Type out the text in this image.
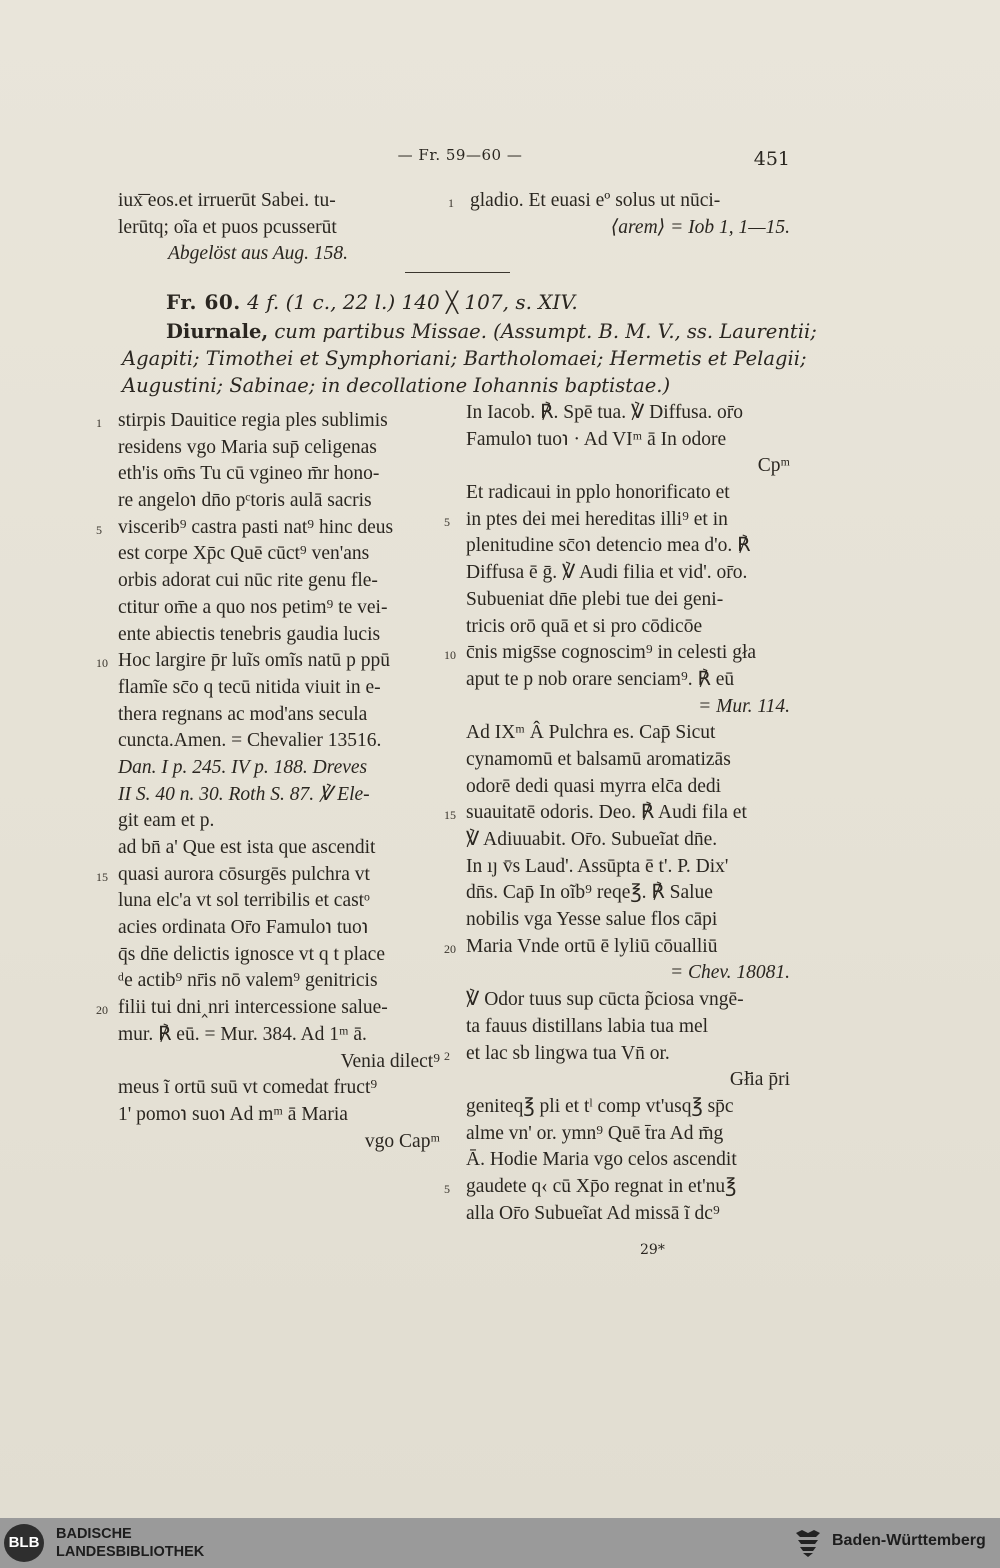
— Fr. 59—60 —	451
iux͞ eos.et irruerūt Sabei. tu-
lerūtq; oĩa et puos pcusserūt
Abgelöst aus Aug. 158.
1 gladio. Et euasi eº solus ut nūci-
⟨arem⟩ = Iob 1, 1—15.
Fr. 60. 4 f. (1 c., 22 l.) 140 ╳ 107, s. XIV.
Diurnale, cum partibus Missae. (Assumpt. B. M. V., ss. Laurentii;
Agapiti; Timothei et Symphoriani; Bartholomaei; Hermetis et Pelagii;
Augustini; Sabinae; in decollatione Iohannis baptistae.)
1 stirpis Dauitice regia ples sublimis
residens vgo Maria sup̄ celigenas
eth'is om̄s Tu cū vgineo m̄r hono-
re angelo℩ dn̄o pᶜtoris aulā sacris
5 viscerib⁹ castra pasti nat⁹ hinc deus
est corpe Xp̄c Quē cūct⁹ ven'ans
orbis adorat cui nūc rite genu fle-
ctitur om̄e a quo nos petim⁹ te vei-
ente abiectis tenebris gaudia lucis
10 Hoc largire p̄r luĩs omĩs natū p ppū
flamĩe sc̄o q tecū nitida viuit in e-
thera regnans ac mod'ans secula
cuncta.Amen. = Chevalier 13516.
Dan. I p. 245. IV p. 188. Dreves
II S. 40 n. 30. Roth S. 87. ℣ Ele-
git eam et p.
ad bn̄ a' Que est ista que ascendit
15 quasi aurora cōsurgēs pulchra vt
luna elc'a vt sol terribilis et castᵒ
acies ordinata Or̄o Famulo℩ tuo℩
q̄s dn̄e delictis ignosce vt q t place
ᵈe actib⁹ nr̄is nō valem⁹ genitricis
20 filii tui dni‸nri intercessione salue-
mur. ℟ eū. = Mur. 384. Ad 1ᵐ ā.
Venia dilect⁹
meus ĩ ortū suū vt comedat fruct⁹
1' pomo℩ suo℩ Ad mᵐ ā Maria
vgo Capᵐ
In Iacob. ℟. Spē tua. ℣ Diffusa. or̄o
Famulo℩ tuo℩ · Ad VIᵐ ā In odore
Cpᵐ
Et radicaui in pplo honorificato et
5 in ptes dei mei hereditas illi⁹ et in
plenitudine sc̄o℩ detencio mea d'o. ℟
Diffusa ē ḡ. ℣ Audi filia et vid'. or̄o.
Subueniat dn̄e plebi tue dei geni-
tricis orō quā et si pro cōdicōe
10 c̄nis migs̄se cognoscim⁹ in celesti gła
aput te p nob orare senciam⁹. ℟ eū
= Mur. 114.
Ad IXᵐ Â Pulchra es. Cap̄ Sicut
cynamomū et balsamū aromatizās
odorē dedi quasi myrra elc̄a dedi
15 suauitatē odoris. Deo. ℟ Audi fila et
℣ Adiuuabit. Or̄o. Subueĩat dn̄e.
In ıȷ v̄s Laud'. Assūpta ē t'. P. Dix'
dn̄s. Cap̄ In oĩb⁹ reqe℥. ℟ Salue
nobilis vga Yesse salue flos cāpi
20 Maria Vnde ortū ē lyliū cōualliū
= Chev. 18081.
℣ Odor tuus sup cūcta p̃ciosa vngē-
ta fauus distillans labia tua mel
2 et lac sb lingwa tua Vn̄ or.
Gł̄ia p̄ri
geniteq℥ pli et tˡ comp vt'usq℥ sp̄c
alme vn' or. ymn⁹ Quē t̄ra Ad m̄g
Ā. Hodie Maria vgo celos ascendit
5 gaudete q‹ cū Xp̄o regnat in et'nu℥
alla Or̄o Subueĩat Ad missā ĩ dc⁹
29*
BLB	BADISCHE
LANDESBIBLIOTHEK
Baden-Württemberg
